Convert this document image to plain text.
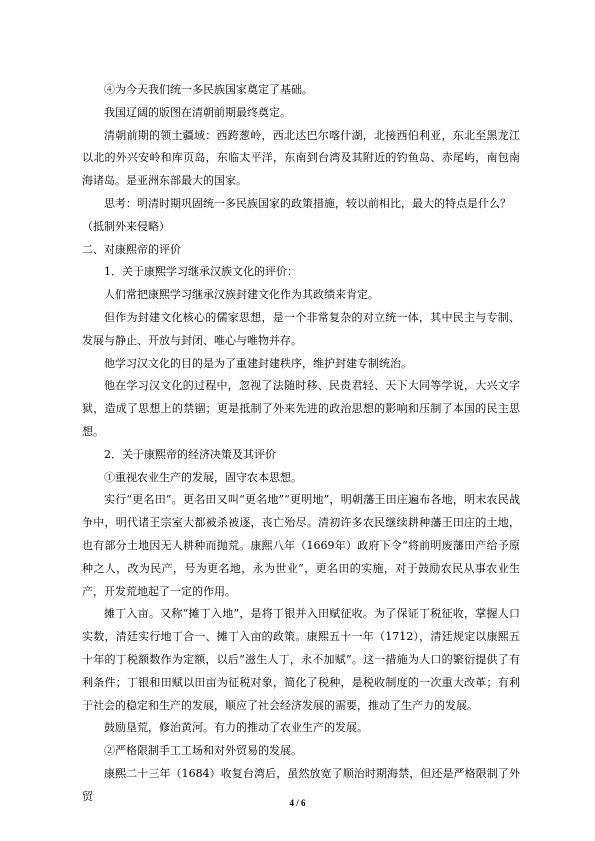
④为今天我们统一多民族国家奠定了基础。

我国辽阔的版图在清朝前期最终奠定。

清朝前期的领土疆域：西跨葱岭，西北达巴尔喀什湖，北接西伯利亚，东北至黑龙江以北的外兴安岭和库页岛，东临太平洋，东南到台湾及其附近的钓鱼岛、赤尾屿，南包南海诸岛。是亚洲东部最大的国家。

思考：明清时期巩固统一多民族国家的政策措施，较以前相比，最大的特点是什么？

（抵制外来侵略）

二、对康熙帝的评价

1．关于康熙学习继承汉族文化的评价：

人们常把康熙学习继承汉族封建文化作为其政绩来肯定。

但作为封建文化核心的儒家思想，是一个非常复杂的对立统一体，其中民主与专制、发展与静止、开放与封闭、唯心与唯物并存。

他学习汉文化的目的是为了重建封建秩序，维护封建专制统治。

他在学习汉文化的过程中，忽视了法随时移、民贵君轻、天下大同等学说，大兴文字狱，造成了思想上的禁锢；更是抵制了外来先进的政治思想的影响和压制了本国的民主思想。

2．关于康熙帝的经济决策及其评价

①重视农业生产的发展，固守农本思想。

实行“更名田”。更名田又叫“更名地”“更明地”，明朝藩王田庄遍布各地，明末农民战争中，明代诸王宗室大都被杀被逐，丧亡殆尽。清初许多农民继续耕种藩王田庄的土地，也有部分土地因无人耕种而抛荒。康熙八年（1669年）政府下令“将前明废藩田产给予原种之人，改为民产，号为更名地，永为世业”，更名田的实施，对于鼓励农民从事农业生产，开发荒地起了一定的作用。

摊丁入亩。又称“摊丁入地”，是将丁银并入田赋征收。为了保证丁税征收，掌握人口实数，清廷实行地丁合一、摊丁入亩的政策。康熙五十一年（1712），清廷规定以康熙五十年的丁税额数作为定额，以后“滋生人丁，永不加赋”。这一措施为人口的繁衍提供了有利条件；丁银和田赋以田亩为征税对象，简化了税种，是税收制度的一次重大改革；有利于社会的稳定和生产的发展，顺应了社会经济发展的需要，推动了生产力的发展。

鼓励垦荒，修治黄河。有力的推动了农业生产的发展。

②严格限制手工工场和对外贸易的发展。

康熙二十三年（1684）收复台湾后，虽然放宽了顺治时期海禁，但还是严格限制了外贸

4 / 6
